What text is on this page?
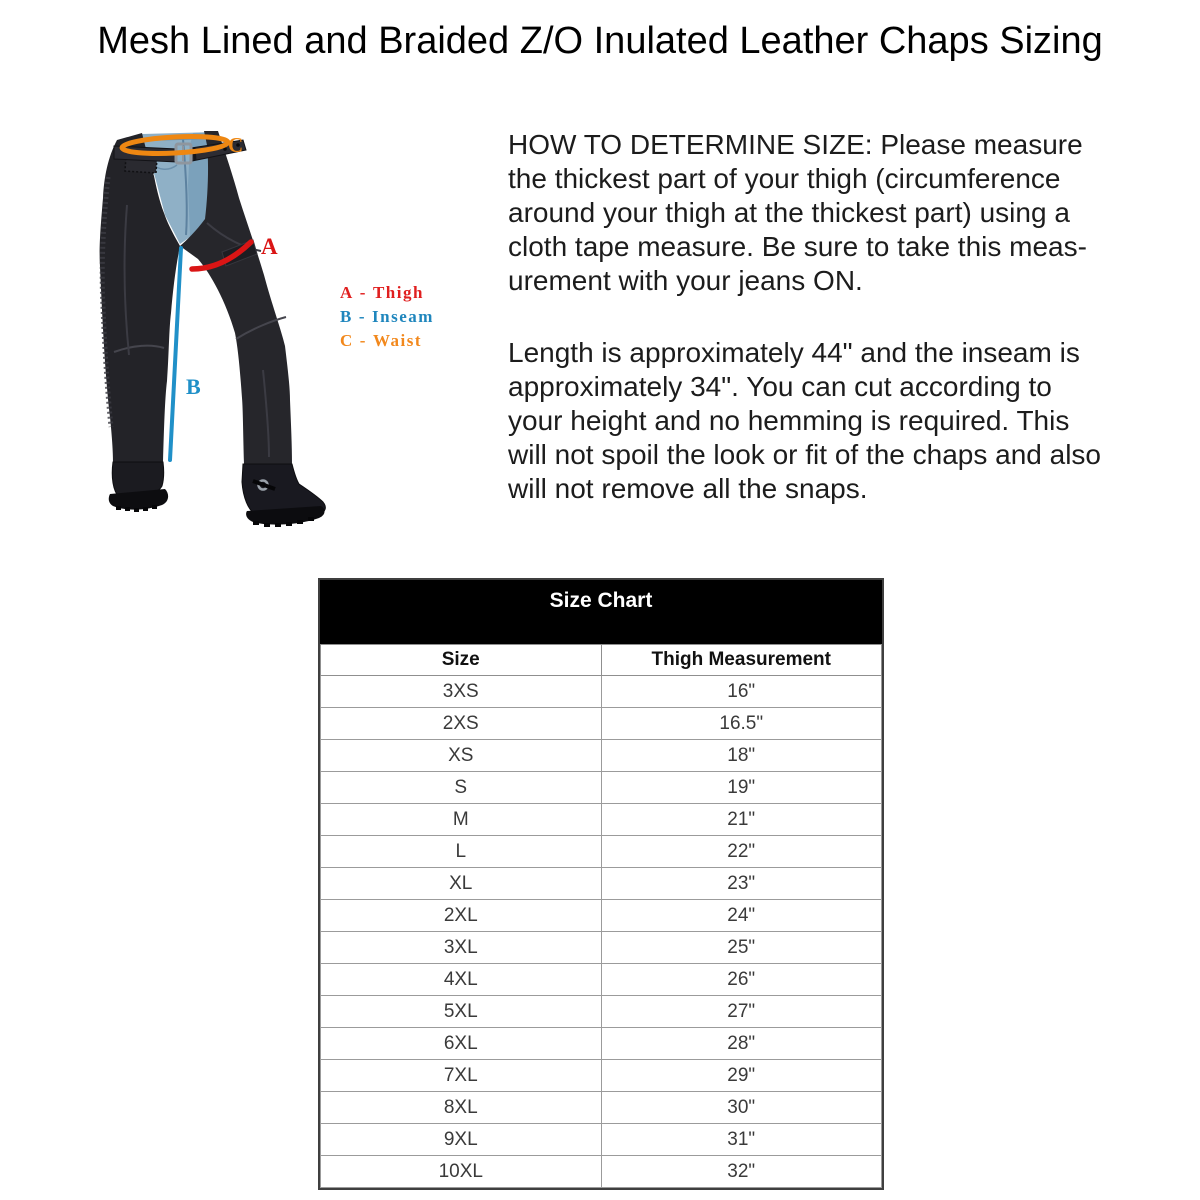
Mesh Lined and Braided Z/O Inulated Leather Chaps Sizing
A
B
C
A - Thigh
B - Inseam
C - Waist
HOW TO DETERMINE SIZE: Please measure
the thickest part of your thigh (circumference
around your thigh at the thickest part) using a
cloth tape measure. Be sure to take this meas-
urement with your jeans ON.
Length is approximately 44" and the inseam is
approximately 34". You can cut according to
your height and no hemming is required. This
will not spoil the look or fit of the chaps and also
will not remove all the snaps.
Size Chart
Size	Thigh Measurement
3XS	16"
2XS	16.5"
XS	18"
S	19"
M	21"
L	22"
XL	23"
2XL	24"
3XL	25"
4XL	26"
5XL	27"
6XL	28"
7XL	29"
8XL	30"
9XL	31"
10XL	32"
